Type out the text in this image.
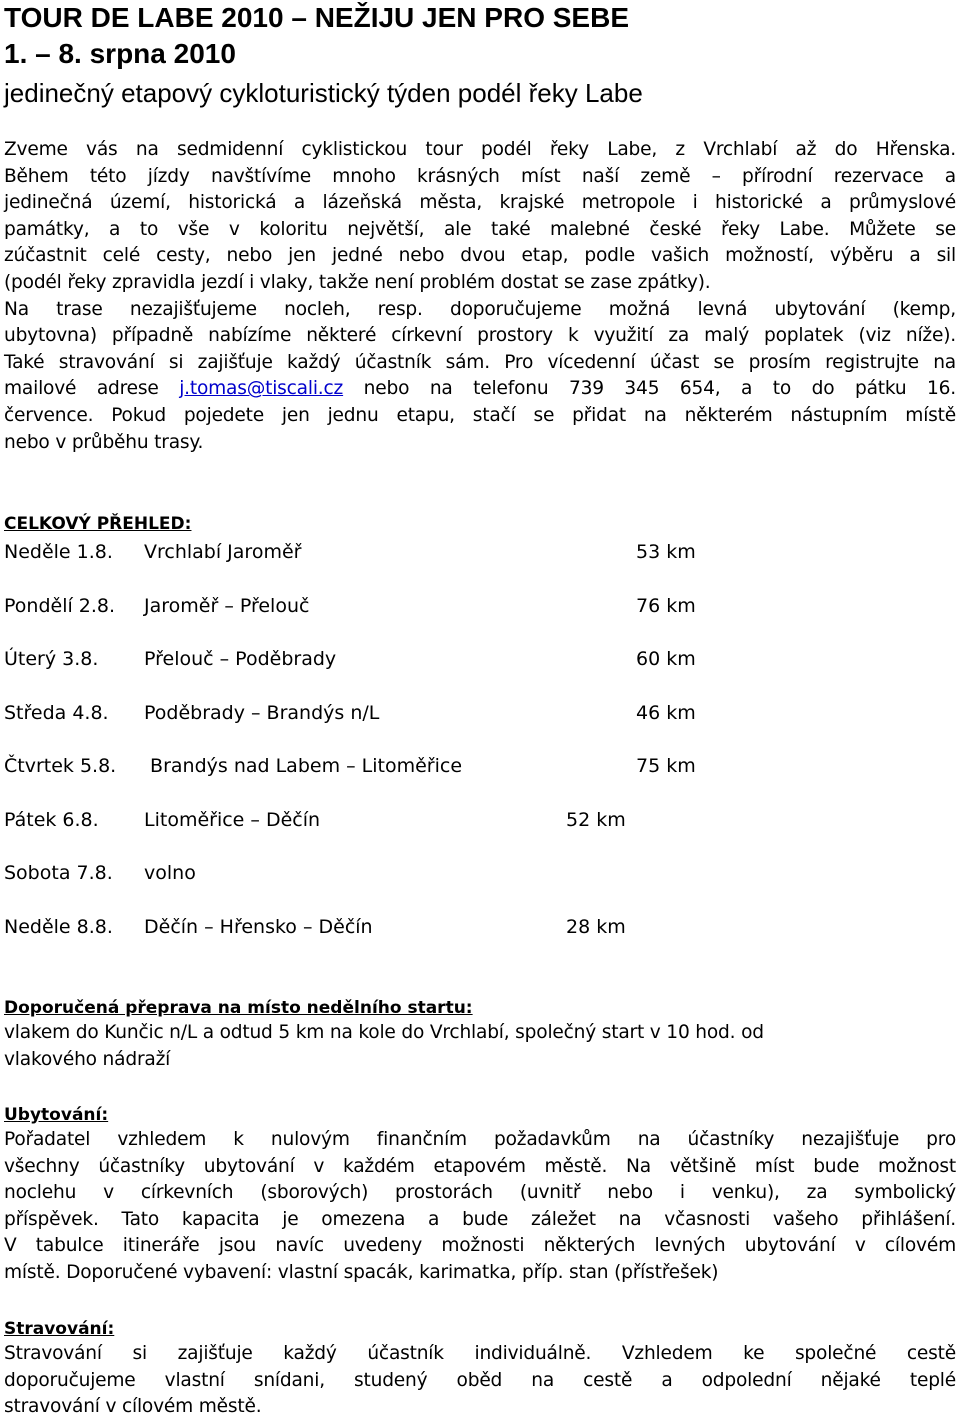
TOUR DE LABE 2010 – NEŽIJU JEN PRO SEBE
1. – 8. srpna 2010
jedinečný etapový cykloturistický týden podél řeky Labe
Zveme vás na sedmidenní cyklistickou tour podél řeky Labe, z Vrchlabí až do Hřenska.
Během této jízdy navštívíme mnoho krásných míst naší země – přírodní rezervace a
jedinečná území, historická a lázeňská města, krajské metropole i historické a průmyslové
památky, a to vše v koloritu největší, ale také malebné české řeky Labe. Můžete se
zúčastnit celé cesty, nebo jen jedné nebo dvou etap, podle vašich možností, výběru a sil
(podél řeky zpravidla jezdí i vlaky, takže není problém dostat se zase zpátky).
Na trase nezajišťujeme nocleh, resp. doporučujeme možná levná ubytování (kemp,
ubytovna) případně nabízíme některé církevní prostory k využití za malý poplatek (viz níže).
Také stravování si zajišťuje každý účastník sám. Pro vícedenní účast se prosím registrujte na
mailové adrese j.tomas@tiscali.cz nebo na telefonu 739 345 654, a to do pátku 16.
července. Pokud pojedete jen jednu etapu, stačí se přidat na některém nástupním místě
nebo v průběhu trasy.
CELKOVÝ PŘEHLED:
Neděle 1.8. Vrchlabí Jaroměř	53 km
Pondělí 2.8. Jaroměř – Přelouč	76 km
Úterý 3.8. Přelouč – Poděbrady	60 km
Středa 4.8. Poděbrady – Brandýs n/L	46 km
Čtvrtek 5.8. Brandýs nad Labem – Litoměřice	75 km
Pátek 6.8. Litoměřice – Děčín	52 km
Sobota 7.8. volno
Neděle 8.8. Děčín – Hřensko – Děčín	28 km
Doporučená přeprava na místo nedělního startu:
vlakem do Kunčic n/L a odtud 5 km na kole do Vrchlabí, společný start v 10 hod. od
vlakového nádraží
Ubytování:
Pořadatel vzhledem k nulovým finančním požadavkům na účastníky nezajišťuje pro
všechny účastníky ubytování v každém etapovém městě. Na většině míst bude možnost
noclehu v církevních (sborových) prostorách (uvnitř nebo i venku), za symbolický
příspěvek. Tato kapacita je omezena a bude záležet na včasnosti vašeho přihlášení.
V tabulce itineráře jsou navíc uvedeny možnosti některých levných ubytování v cílovém
místě. Doporučené vybavení: vlastní spacák, karimatka, příp. stan (přístřešek)
Stravování:
Stravování si zajišťuje každý účastník individuálně. Vzhledem ke společné cestě
doporučujeme vlastní snídani, studený oběd na cestě a odpolední nějaké teplé
stravování v cílovém městě.
